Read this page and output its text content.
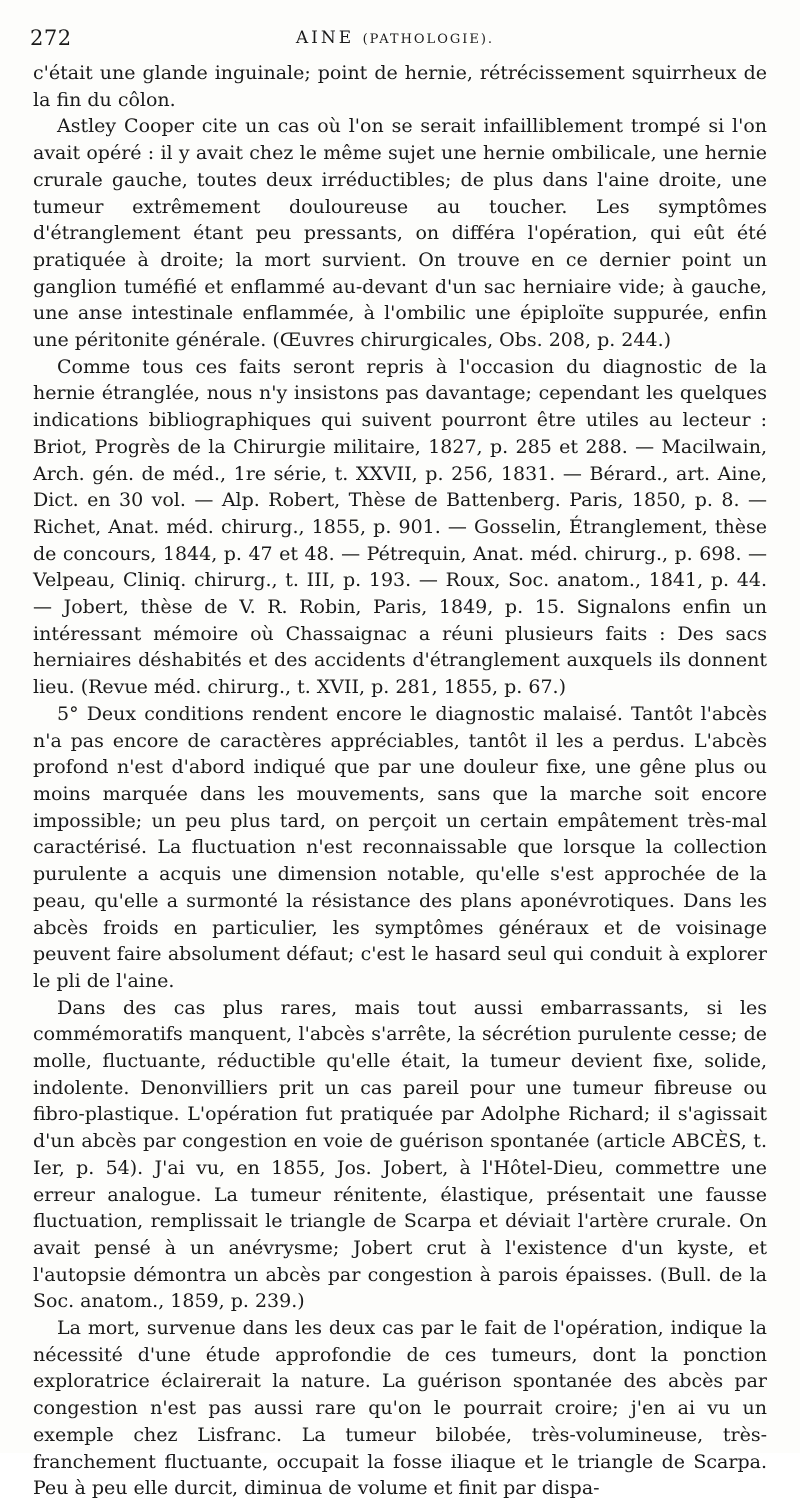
272	AINE (PATHOLOGIE).

c'était une glande inguinale; point de hernie, rétrécissement squirrheux de la fin du côlon.

Astley Cooper cite un cas où l'on se serait infailliblement trompé si l'on avait opéré : il y avait chez le même sujet une hernie ombilicale, une hernie crurale gauche, toutes deux irréductibles; de plus dans l'aine droite, une tumeur extrêmement douloureuse au toucher. Les symptômes d'étranglement étant peu pressants, on différa l'opération, qui eût été pratiquée à droite; la mort survient. On trouve en ce dernier point un ganglion tuméfié et enflammé au-devant d'un sac herniaire vide; à gauche, une anse intestinale enflammée, à l'ombilic une épiploïte suppurée, enfin une péritonite générale. (Œuvres chirurgicales, Obs. 208, p. 244.)

Comme tous ces faits seront repris à l'occasion du diagnostic de la hernie étranglée, nous n'y insistons pas davantage; cependant les quelques indications bibliographiques qui suivent pourront être utiles au lecteur : Briot, Progrès de la Chirurgie militaire, 1827, p. 285 et 288. — Macilwain, Arch. gén. de méd., 1re série, t. XXVII, p. 256, 1831. — Bérard., art. Aine, Dict. en 30 vol. — Alp. Robert, Thèse de Battenberg. Paris, 1850, p. 8. — Richet, Anat. méd. chirurg., 1855, p. 901. — Gosselin, Étranglement, thèse de concours, 1844, p. 47 et 48. — Pétrequin, Anat. méd. chirurg., p. 698. — Velpeau, Cliniq. chirurg., t. III, p. 193. — Roux, Soc. anatom., 1841, p. 44. — Jobert, thèse de V. R. Robin, Paris, 1849, p. 15. Signalons enfin un intéressant mémoire où Chassaignac a réuni plusieurs faits : Des sacs herniaires déshabités et des accidents d'étranglement auxquels ils donnent lieu. (Revue méd. chirurg., t. XVII, p. 281, 1855, p. 67.)

5° Deux conditions rendent encore le diagnostic malaisé. Tantôt l'abcès n'a pas encore de caractères appréciables, tantôt il les a perdus. L'abcès profond n'est d'abord indiqué que par une douleur fixe, une gêne plus ou moins marquée dans les mouvements, sans que la marche soit encore impossible; un peu plus tard, on perçoit un certain empâtement très-mal caractérisé. La fluctuation n'est reconnaissable que lorsque la collection purulente a acquis une dimension notable, qu'elle s'est approchée de la peau, qu'elle a surmonté la résistance des plans aponévrotiques. Dans les abcès froids en particulier, les symptômes généraux et de voisinage peuvent faire absolument défaut; c'est le hasard seul qui conduit à explorer le pli de l'aine.

Dans des cas plus rares, mais tout aussi embarrassants, si les commémoratifs manquent, l'abcès s'arrête, la sécrétion purulente cesse; de molle, fluctuante, réductible qu'elle était, la tumeur devient fixe, solide, indolente. Denonvilliers prit un cas pareil pour une tumeur fibreuse ou fibro-plastique. L'opération fut pratiquée par Adolphe Richard; il s'agissait d'un abcès par congestion en voie de guérison spontanée (article ABCÈS, t. Ier, p. 54). J'ai vu, en 1855, Jos. Jobert, à l'Hôtel-Dieu, commettre une erreur analogue. La tumeur rénitente, élastique, présentait une fausse fluctuation, remplissait le triangle de Scarpa et déviait l'artère crurale. On avait pensé à un anévrysme; Jobert crut à l'existence d'un kyste, et l'autopsie démontra un abcès par congestion à parois épaisses. (Bull. de la Soc. anatom., 1859, p. 239.)

La mort, survenue dans les deux cas par le fait de l'opération, indique la nécessité d'une étude approfondie de ces tumeurs, dont la ponction exploratrice éclairerait la nature. La guérison spontanée des abcès par congestion n'est pas aussi rare qu'on le pourrait croire; j'en ai vu un exemple chez Lisfranc. La tumeur bilobée, très-volumineuse, très-franchement fluctuante, occupait la fosse iliaque et le triangle de Scarpa. Peu à peu elle durcit, diminua de volume et finit par dispa-
